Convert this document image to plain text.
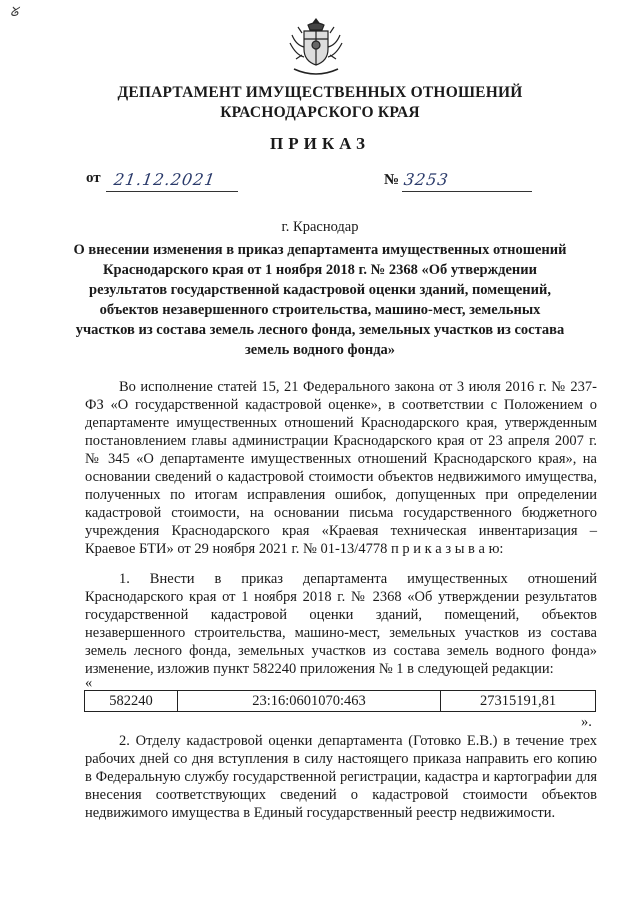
ᘜ
ДЕПАРТАМЕНТ ИМУЩЕСТВЕННЫХ ОТНОШЕНИЙ
КРАСНОДАРСКОГО КРАЯ
ПРИКАЗ
от 21.12.2021	№ 3253
г. Краснодар
О внесении изменения в приказ департамента имущественных отношений Краснодарского края от 1 ноября 2018 г. № 2368 «Об утверждении результатов государственной кадастровой оценки зданий, помещений, объектов незавершенного строительства, машино-мест, земельных участков из состава земель лесного фонда, земельных участков из состава земель водного фонда»
Во исполнение статей 15, 21 Федерального закона от 3 июля 2016 г. № 237-ФЗ «О государственной кадастровой оценке», в соответствии с Положением о департаменте имущественных отношений Краснодарского края, утвержденным постановлением главы администрации Краснодарского края от 23 апреля 2007 г. № 345 «О департаменте имущественных отношений Краснодарского края», на основании сведений о кадастровой стоимости объектов недвижимого имущества, полученных по итогам исправления ошибок, допущенных при определении кадастровой стоимости, на основании письма государственного бюджетного учреждения Краснодарского края «Краевая техническая инвентаризация – Краевое БТИ» от 29 ноября 2021 г. № 01-13/4778 п р и к а з ы в а ю:
1. Внести в приказ департамента имущественных отношений Краснодарского края от 1 ноября 2018 г. № 2368 «Об утверждении результатов государственной кадастровой оценки зданий, помещений, объектов незавершенного строительства, машино-мест, земельных участков из состава земель лесного фонда, земельных участков из состава земель водного фонда» изменение, изложив пункт 582240 приложения № 1 в следующей редакции:
«
582240	23:16:0601070:463	27315191,81
».
2. Отделу кадастровой оценки департамента (Готовко Е.В.) в течение трех рабочих дней со дня вступления в силу настоящего приказа направить его копию в Федеральную службу государственной регистрации, кадастра и картографии для внесения соответствующих сведений о кадастровой стоимости объектов недвижимого имущества в Единый государственный реестр недвижимости.
